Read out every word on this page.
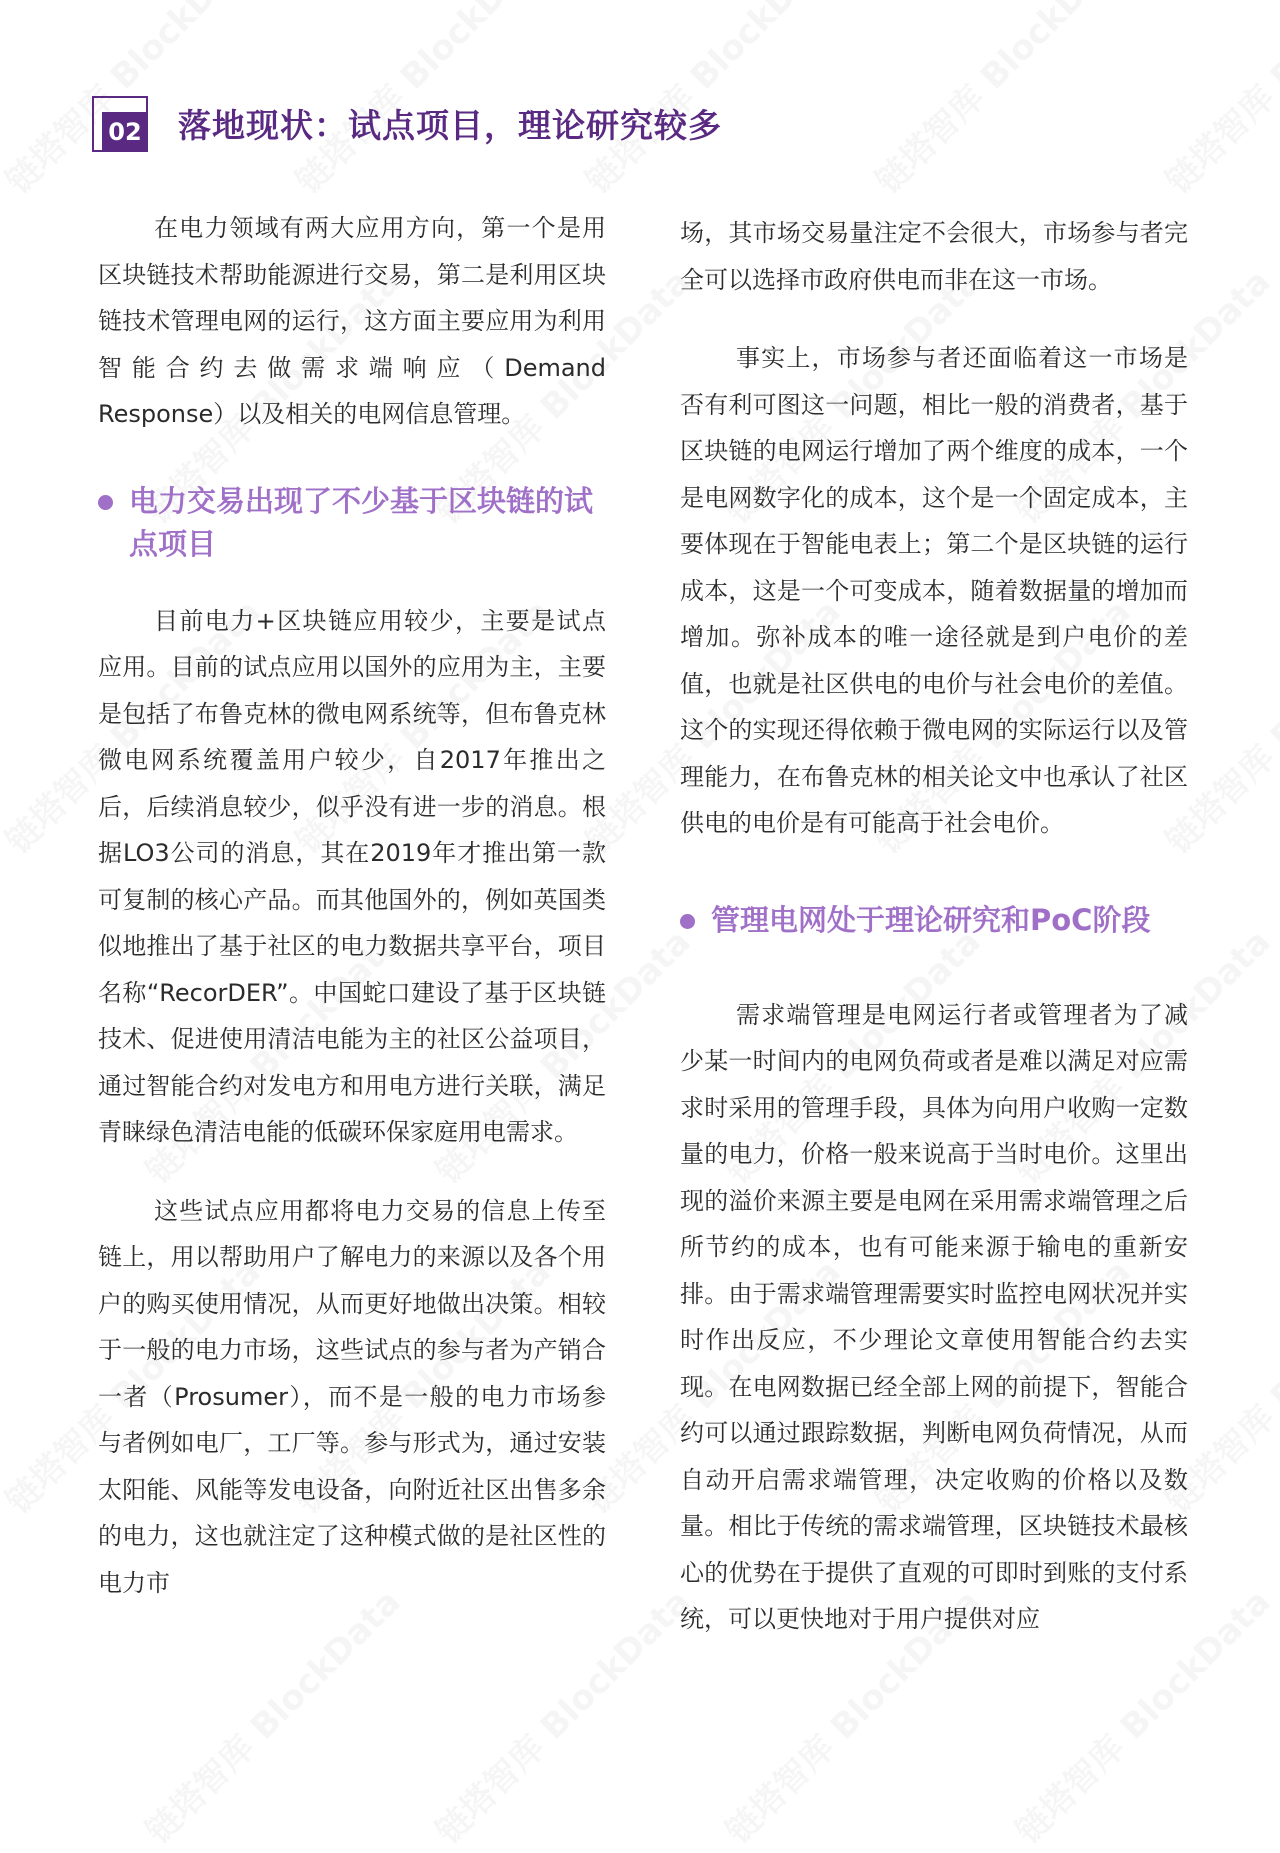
02 落地现状：试点项目，理论研究较多

在电力领域有两大应用方向，第一个是用区块链技术帮助能源进行交易，第二是利用区块链技术管理电网的运行，这方面主要应用为利用智能合约去做需求端响应（Demand Response）以及相关的电网信息管理。

电力交易出现了不少基于区块链的试点项目

目前电力+区块链应用较少，主要是试点应用。目前的试点应用以国外的应用为主，主要是包括了布鲁克林的微电网系统等，但布鲁克林微电网系统覆盖用户较少，自2017年推出之后，后续消息较少，似乎没有进一步的消息。根据LO3公司的消息，其在2019年才推出第一款可复制的核心产品。而其他国外的，例如英国类似地推出了基于社区的电力数据共享平台，项目名称“RecorDER”。中国蛇口建设了基于区块链技术、促进使用清洁电能为主的社区公益项目，通过智能合约对发电方和用电方进行关联，满足青睐绿色清洁电能的低碳环保家庭用电需求。

这些试点应用都将电力交易的信息上传至链上，用以帮助用户了解电力的来源以及各个用户的购买使用情况，从而更好地做出决策。相较于一般的电力市场，这些试点的参与者为产销合一者（Prosumer），而不是一般的电力市场参与者例如电厂，工厂等。参与形式为，通过安装太阳能、风能等发电设备，向附近社区出售多余的电力，这也就注定了这种模式做的是社区性的电力市

场，其市场交易量注定不会很大，市场参与者完全可以选择市政府供电而非在这一市场。

事实上，市场参与者还面临着这一市场是否有利可图这一问题，相比一般的消费者，基于区块链的电网运行增加了两个维度的成本，一个是电网数字化的成本，这个是一个固定成本，主要体现在于智能电表上；第二个是区块链的运行成本，这是一个可变成本，随着数据量的增加而增加。弥补成本的唯一途径就是到户电价的差值，也就是社区供电的电价与社会电价的差值。这个的实现还得依赖于微电网的实际运行以及管理能力，在布鲁克林的相关论文中也承认了社区供电的电价是有可能高于社会电价。

管理电网处于理论研究和PoC阶段

需求端管理是电网运行者或管理者为了减少某一时间内的电网负荷或者是难以满足对应需求时采用的管理手段，具体为向用户收购一定数量的电力，价格一般来说高于当时电价。这里出现的溢价来源主要是电网在采用需求端管理之后所节约的成本，也有可能来源于输电的重新安排。由于需求端管理需要实时监控电网状况并实时作出反应，不少理论文章使用智能合约去实现。在电网数据已经全部上网的前提下，智能合约可以通过跟踪数据，判断电网负荷情况，从而自动开启需求端管理，决定收购的价格以及数量。相比于传统的需求端管理，区块链技术最核心的优势在于提供了直观的可即时到账的支付系统，可以更快地对于用户提供对应
